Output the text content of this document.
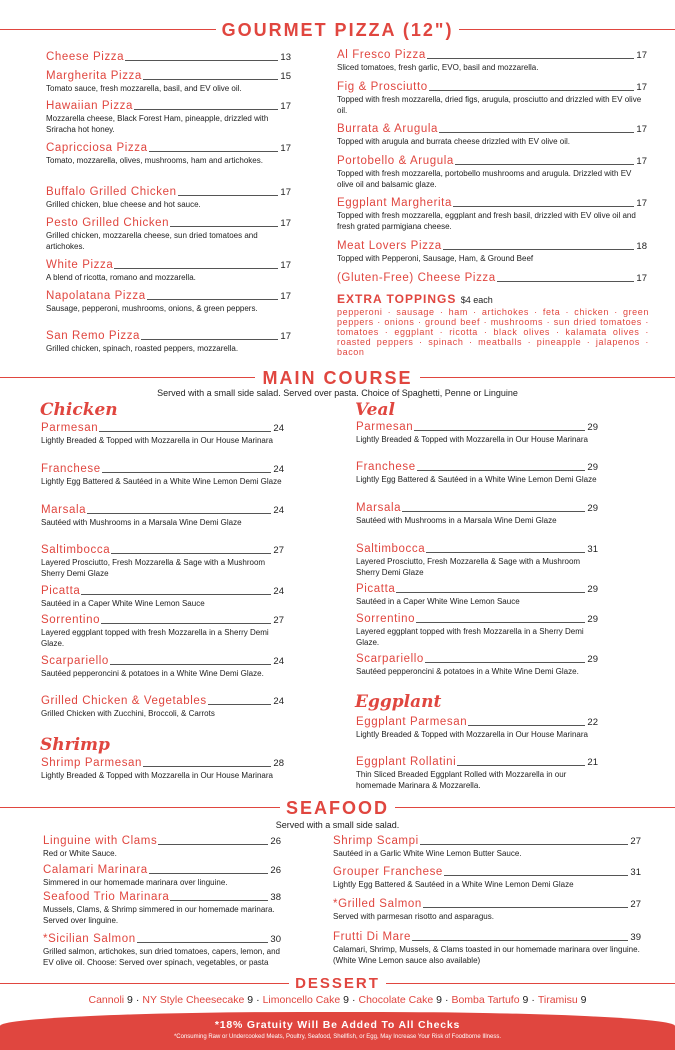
GOURMET PIZZA (12")
Cheese Pizza	13
Margherita Pizza	15
Tomato sauce, fresh mozzarella, basil, and EV olive oil.
Hawaiian Pizza	17
Mozzarella cheese, Black Forest Ham, pineapple, drizzled with Sriracha hot honey.
Capricciosa Pizza	17
Tomato, mozzarella, olives, mushrooms, ham and artichokes.
Buffalo Grilled Chicken	17
Grilled chicken, blue cheese and hot sauce.
Pesto Grilled Chicken	17
Grilled chicken, mozzarella cheese, sun dried tomatoes and artichokes.
White Pizza	17
A blend of ricotta, romano and mozzarella.
Napolatana Pizza	17
Sausage, pepperoni, mushrooms, onions, & green peppers.
San Remo Pizza	17
Grilled chicken, spinach, roasted peppers, mozzarella.
Al Fresco Pizza	17
Sliced tomatoes, fresh garlic, EVO, basil and mozzarella.
Fig & Prosciutto	17
Topped with fresh mozzarella, dried figs, arugula, prosciutto and drizzled with EV olive oil.
Burrata & Arugula	17
Topped with arugula and burrata cheese drizzled with EV olive oil.
Portobello & Arugula	17
Topped with fresh mozzarella, portobello mushrooms and arugula. Drizzled with EV olive oil and balsamic glaze.
Eggplant Margherita	17
Topped with fresh mozzarella, eggplant and fresh basil, drizzled with EV olive oil and fresh grated parmigiana cheese.
Meat Lovers Pizza	18
Topped with Pepperoni, Sausage, Ham, & Ground Beef
(Gluten-Free) Cheese Pizza	17
EXTRA TOPPINGS $4 each
pepperoni · sausage · ham · artichokes · feta · chicken · green peppers · onions · ground beef · mushrooms · sun dried tomatoes · tomatoes · eggplant · ricotta · black olives · kalamata olives · roasted peppers · spinach · meatballs · pineapple · jalapenos · bacon
MAIN COURSE
Served with a small side salad. Served over pasta. Choice of Spaghetti, Penne or Linguine
Chicken	Veal
Shrimp
Eggplant
Parmesan	24
Lightly Breaded & Topped with Mozzarella in Our House Marinara
Franchese	24
Lightly Egg Battered & Sautéed in a White Wine Lemon Demi Glaze
Marsala	24
Sautéed with Mushrooms in a Marsala Wine Demi Glaze
Saltimbocca	27
Layered Prosciutto, Fresh Mozzarella & Sage with a Mushroom Sherry Demi Glaze
Picatta	24
Sautéed in a Caper White Wine Lemon Sauce
Sorrentino	27
Layered eggplant topped with fresh Mozzarella in a Sherry Demi Glaze.
Scarpariello	24
Sautéed pepperoncini & potatoes in a White Wine Demi Glaze.
Grilled Chicken & Vegetables	24
Grilled Chicken with Zucchini, Broccoli, & Carrots
Shrimp Parmesan	28
Lightly Breaded & Topped with Mozzarella in Our House Marinara
Parmesan	29
Lightly Breaded & Topped with Mozzarella in Our House Marinara
Franchese	29
Lightly Egg Battered & Sautéed in a White Wine Lemon Demi Glaze
Marsala	29
Sautéed with Mushrooms in a Marsala Wine Demi Glaze
Saltimbocca	31
Layered Prosciutto, Fresh Mozzarella & Sage with a Mushroom Sherry Demi Glaze
Picatta	29
Sautéed in a Caper White Wine Lemon Sauce
Sorrentino	29
Layered eggplant topped with fresh Mozzarella in a Sherry Demi Glaze.
Scarpariello	29
Sautéed pepperoncini & potatoes in a White Wine Demi Glaze.
Eggplant Parmesan	22
Lightly Breaded & Topped with Mozzarella in Our House Marinara
Eggplant Rollatini	21
Thin Sliced Breaded Eggplant Rolled with Mozzarella in our homemade Marinara & Mozzarella.
SEAFOOD
Served with a small side salad.
Linguine with Clams	26
Red or White Sauce.
Calamari Marinara	26
Simmered in our homemade marinara over linguine.
Seafood Trio Marinara	38
Mussels, Clams, & Shrimp simmered in our homemade marinara. Served over linguine.
*Sicilian Salmon	30
Grilled salmon, artichokes, sun dried tomatoes, capers, lemon, and EV olive oil. Choose: Served over spinach, vegetables, or pasta
Shrimp Scampi	27
Sautéed in a Garlic White Wine Lemon Butter Sauce.
Grouper Franchese	31
Lightly Egg Battered & Sautéed in a White Wine Lemon Demi Glaze
*Grilled Salmon	27
Served with parmesan risotto and asparagus.
Frutti Di Mare	39
Calamari, Shrimp, Mussels, & Clams toasted in our homemade marinara over linguine. (White Wine Lemon sauce also available)
DESSERT
Cannoli 9 · NY Style Cheesecake 9 · Limoncello Cake 9 · Chocolate Cake 9 · Bomba Tartufo 9 · Tiramisu 9
*18% Gratuity Will Be Added To All Checks
*Consuming Raw or Undercooked Meats, Poultry, Seafood, Shellfish, or Egg, May Increase Your Risk of Foodborne Illness.
